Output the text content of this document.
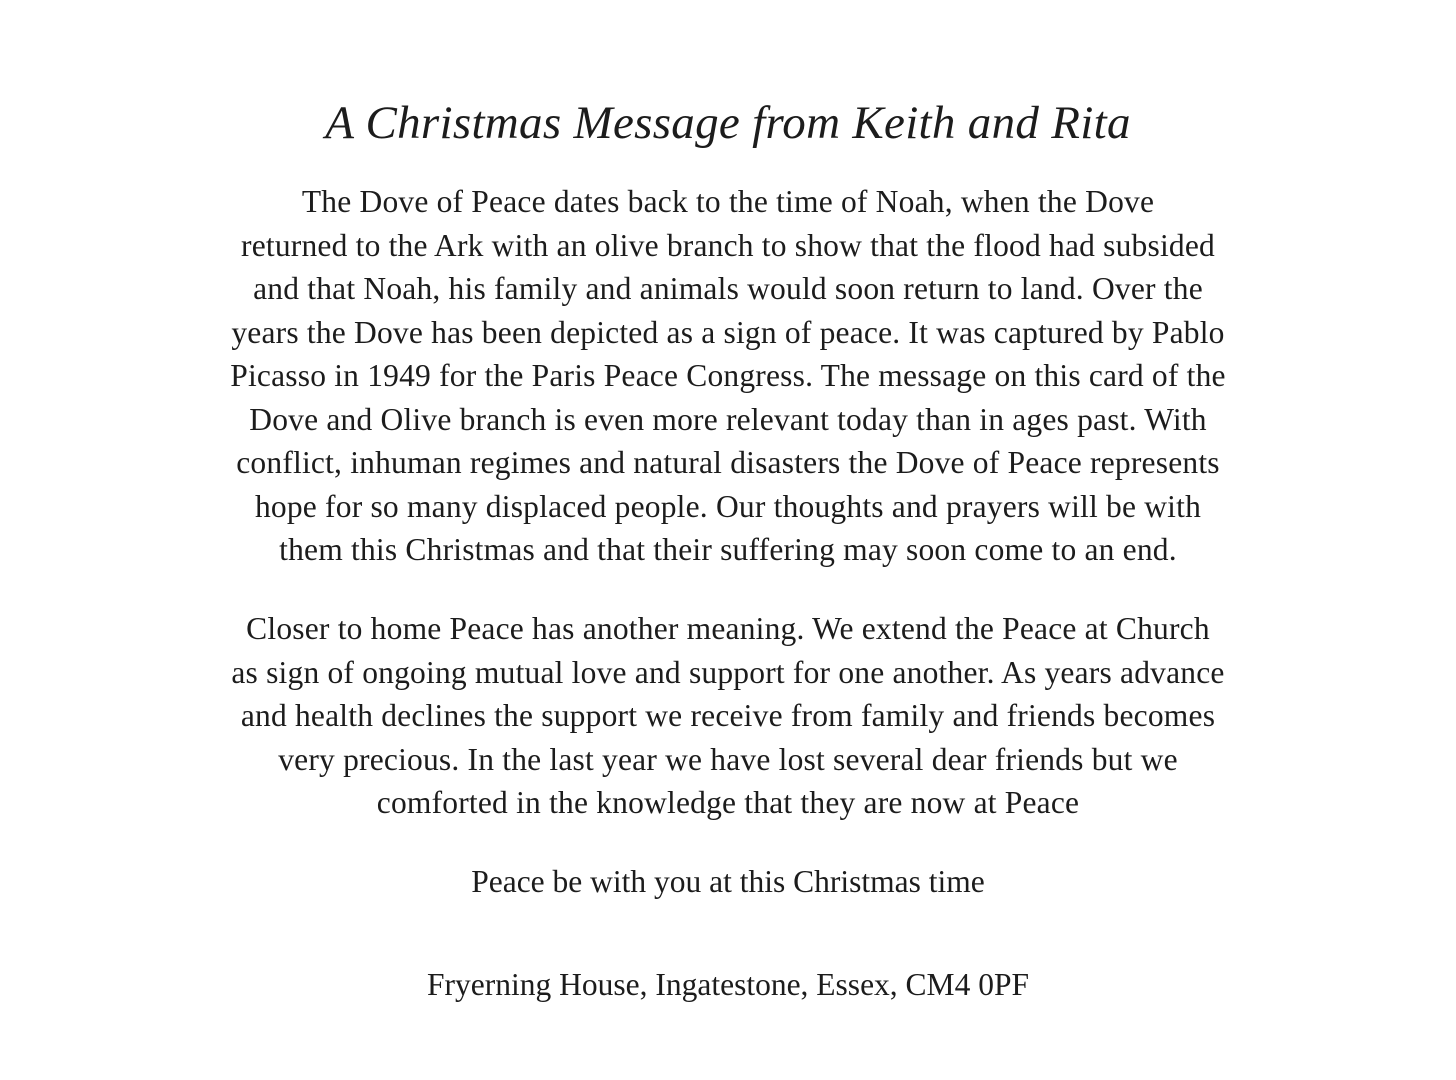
A Christmas Message from Keith and Rita
The Dove of Peace dates back to the time of Noah, when the Dove
returned to the Ark with an olive branch to show that the flood had subsided
and that Noah, his family and animals would soon return to land. Over the
years the Dove has been depicted as a sign of peace. It was captured by Pablo
Picasso in 1949 for the Paris Peace Congress. The message on this card of the
Dove and Olive branch is even more relevant today than in ages past. With
conflict, inhuman regimes and natural disasters the Dove of Peace represents
hope for so many displaced people. Our thoughts and prayers will be with
them this Christmas and that their suffering may soon come to an end.
Closer to home Peace has another meaning. We extend the Peace at Church
as sign of ongoing mutual love and support for one another. As years advance
and health declines the support we receive from family and friends becomes
very precious. In the last year we have lost several dear friends but we
comforted in the knowledge that they are now at Peace
Peace be with you at this Christmas time
Fryerning House, Ingatestone, Essex, CM4 0PF
